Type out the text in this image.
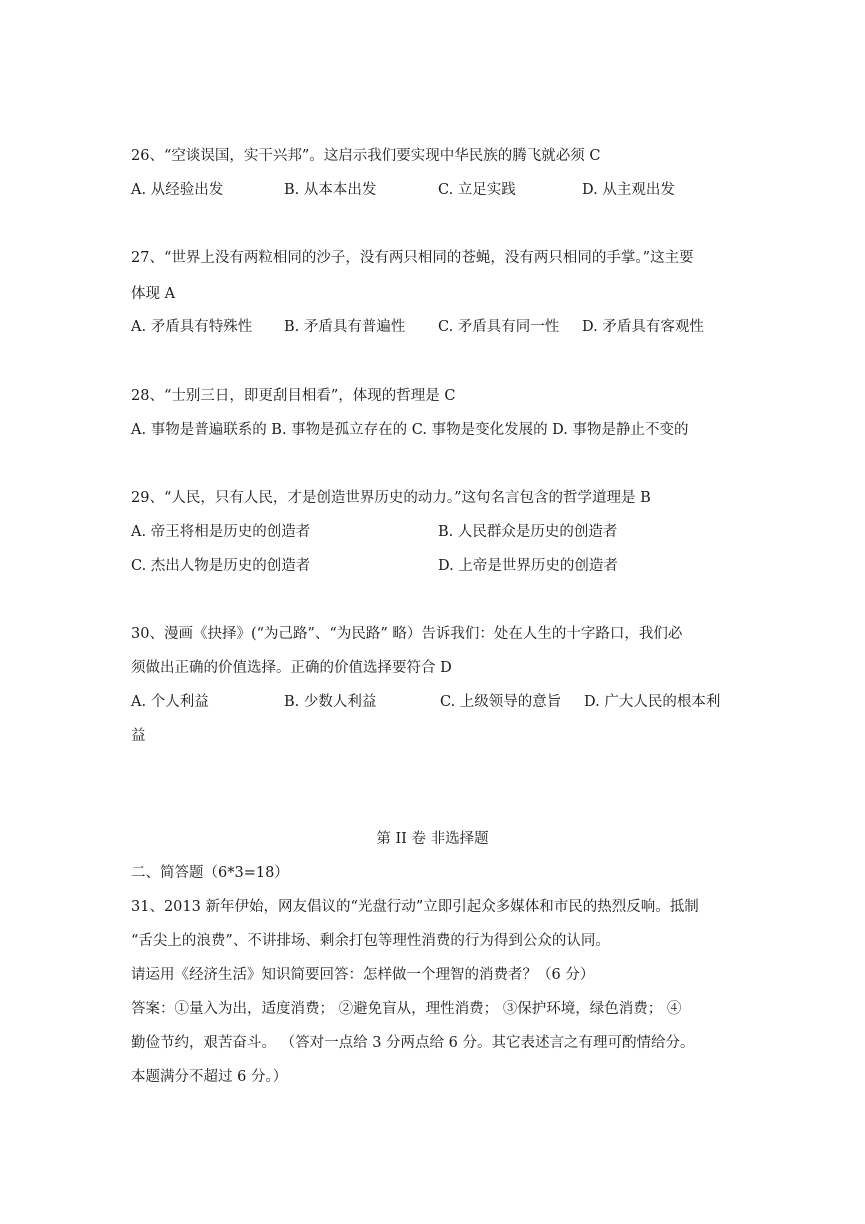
26、“空谈误国，实干兴邦”。这启示我们要实现中华民族的腾飞就必须 C
A. 从经验出发	B. 从本本出发	C. 立足实践	D. 从主观出发
27、“世界上没有两粒相同的沙子，没有两只相同的苍蝇，没有两只相同的手掌。”这主要
体现 A
A. 矛盾具有特殊性 B. 矛盾具有普遍性 C. 矛盾具有同一性 D. 矛盾具有客观性
28、“士别三日，即更刮目相看”，体现的哲理是 C
A. 事物是普遍联系的 B. 事物是孤立存在的 C. 事物是变化发展的 D. 事物是静止不变的
29、“人民，只有人民，才是创造世界历史的动力。”这句名言包含的哲学道理是 B
A. 帝王将相是历史的创造者	B. 人民群众是历史的创造者
C. 杰出人物是历史的创造者	D. 上帝是世界历史的创造者
30、漫画《抉择》(“为己路”、“为民路” 略）告诉我们：处在人生的十字路口，我们必
须做出正确的价值选择。正确的价值选择要符合 D
A. 个人利益	B. 少数人利益	C. 上级领导的意旨 D. 广大人民的根本利
益
第 II 卷 非选择题
二、简答题（6*3=18）
31、2013 新年伊始，网友倡议的“光盘行动”立即引起众多媒体和市民的热烈反响。抵制
“舌尖上的浪费”、不讲排场、剩余打包等理性消费的行为得到公众的认同。
请运用《经济生活》知识简要回答：怎样做一个理智的消费者？（6 分）
答案：①量入为出，适度消费； ②避免盲从，理性消费； ③保护环境，绿色消费； ④
勤俭节约，艰苦奋斗。 （答对一点给 3 分两点给 6 分。其它表述言之有理可酌情给分。
本题满分不超过 6 分。）
